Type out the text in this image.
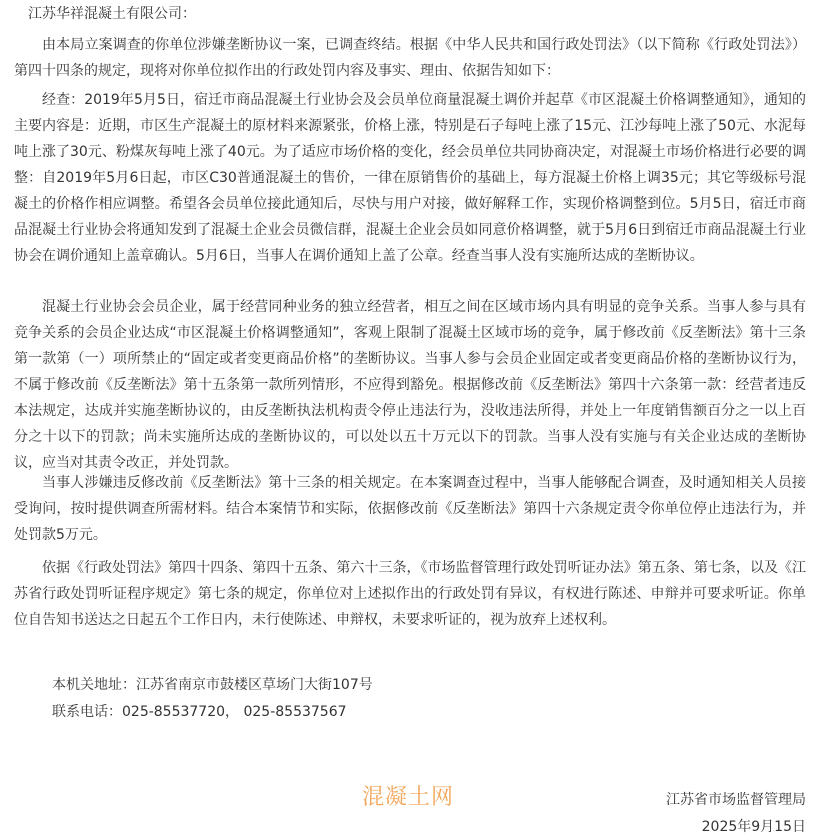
江苏华祥混凝土有限公司：

由本局立案调查的你单位涉嫌垄断协议一案，已调查终结。根据《中华人民共和国行政处罚法》（以下简称《行政处罚法》）第四十四条的规定，现将对你单位拟作出的行政处罚内容及事实、理由、依据告知如下：

经查：2019年5月5日，宿迁市商品混凝土行业协会及会员单位商量混凝土调价并起草《市区混凝土价格调整通知》，通知的主要内容是：近期，市区生产混凝土的原材料来源紧张，价格上涨，特别是石子每吨上涨了15元、江沙每吨上涨了50元、水泥每吨上涨了30元、粉煤灰每吨上涨了40元。为了适应市场价格的变化，经会员单位共同协商决定，对混凝土市场价格进行必要的调整：自2019年5月6日起，市区C30普通混凝土的售价，一律在原销售价的基础上，每方混凝土价格上调35元；其它等级标号混凝土的价格作相应调整。希望各会员单位接此通知后，尽快与用户对接，做好解释工作，实现价格调整到位。5月5日，宿迁市商品混凝土行业协会将通知发到了混凝土企业会员微信群，混凝土企业会员如同意价格调整，就于5月6日到宿迁市商品混凝土行业协会在调价通知上盖章确认。5月6日，当事人在调价通知上盖了公章。经查当事人没有实施所达成的垄断协议。

混凝土行业协会会员企业，属于经营同种业务的独立经营者，相互之间在区域市场内具有明显的竞争关系。当事人参与具有竞争关系的会员企业达成“市区混凝土价格调整通知”，客观上限制了混凝土区域市场的竞争，属于修改前《反垄断法》第十三条第一款第（一）项所禁止的“固定或者变更商品价格”的垄断协议。当事人参与会员企业固定或者变更商品价格的垄断协议行为，不属于修改前《反垄断法》第十五条第一款所列情形，不应得到豁免。根据修改前《反垄断法》第四十六条第一款：经营者违反本法规定，达成并实施垄断协议的，由反垄断执法机构责令停止违法行为，没收违法所得，并处上一年度销售额百分之一以上百分之十以下的罚款；尚未实施所达成的垄断协议的，可以处以五十万元以下的罚款。当事人没有实施与有关企业达成的垄断协议，应当对其责令改正，并处罚款。

当事人涉嫌违反修改前《反垄断法》第十三条的相关规定。在本案调查过程中，当事人能够配合调查，及时通知相关人员接受询问，按时提供调查所需材料。结合本案情节和实际，依据修改前《反垄断法》第四十六条规定责令你单位停止违法行为，并处罚款5万元。

依据《行政处罚法》第四十四条、第四十五条、第六十三条，《市场监督管理行政处罚听证办法》第五条、第七条，以及《江苏省行政处罚听证程序规定》第七条的规定，你单位对上述拟作出的行政处罚有异议，有权进行陈述、申辩并可要求听证。你单位自告知书送达之日起五个工作日内，未行使陈述、申辩权，未要求听证的，视为放弃上述权利。

本机关地址：江苏省南京市鼓楼区草场门大街107号
联系电话：025-85537720， 025-85537567
混凝土网	江苏省市场监督管理局
2025年9月15日
